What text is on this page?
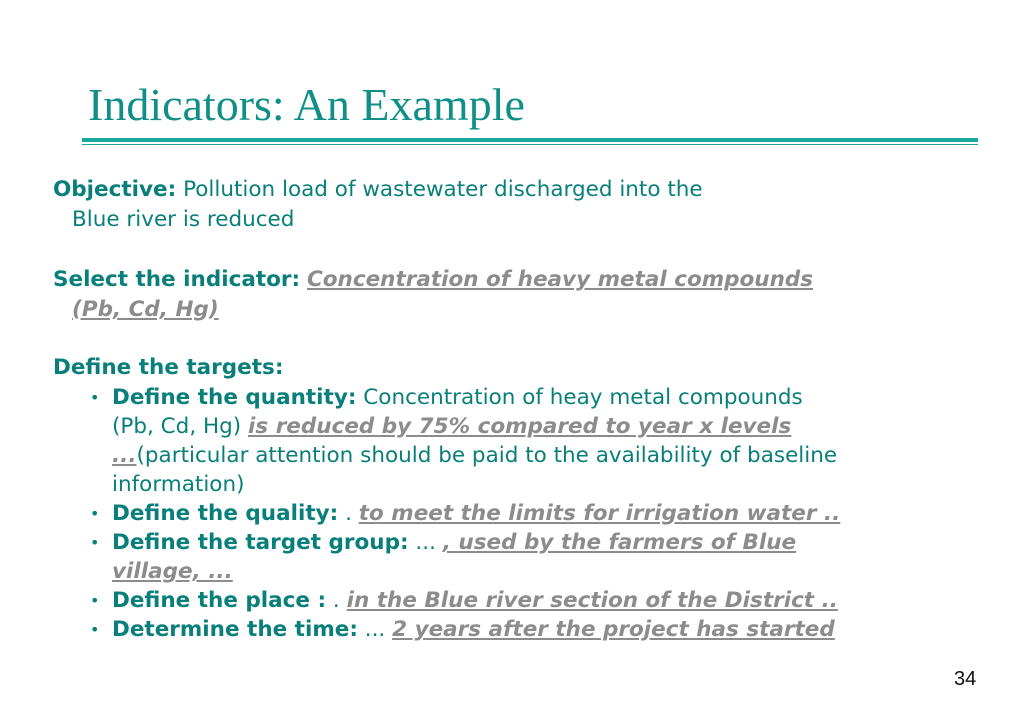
Indicators: An Example
Objective: Pollution load of wastewater discharged into the
Blue river is reduced
Select the indicator: Concentration of heavy metal compounds
(Pb, Cd, Hg)
Define the targets:
• Define the quantity: Concentration of heay metal compounds
(Pb, Cd, Hg) is reduced by 75% compared to year x levels
...(particular attention should be paid to the availability of baseline
information)
• Define the quality: . to meet the limits for irrigation water ..
• Define the target group: ... , used by the farmers of Blue
village, ...
• Define the place : . in the Blue river section of the District ..
• Determine the time: ... 2 years after the project has started
34
